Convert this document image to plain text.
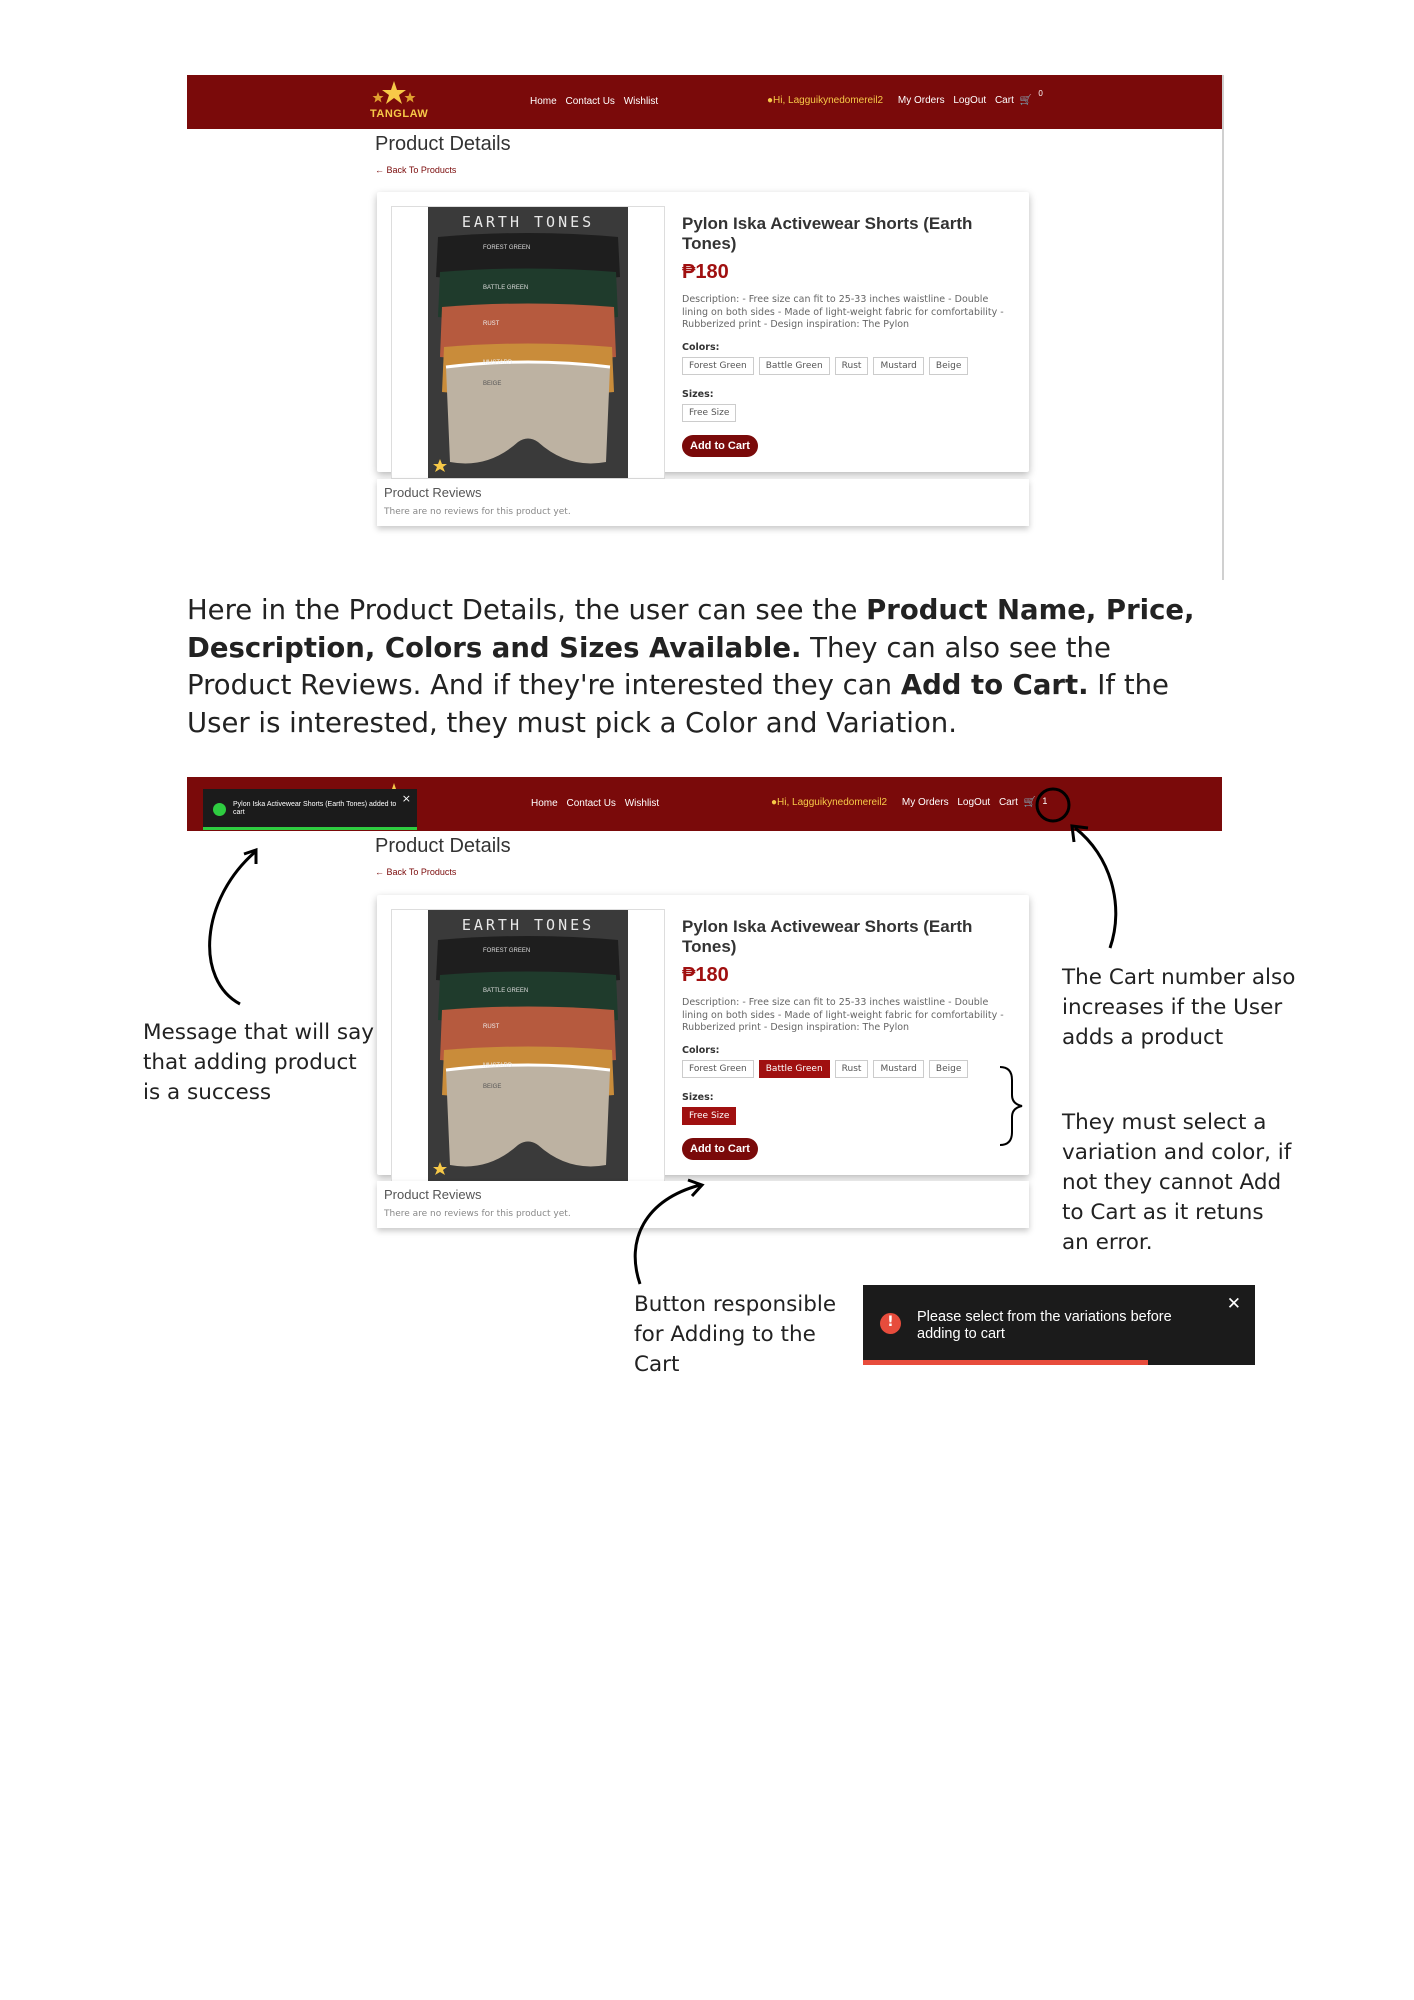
TANGLAW
Home Contact Us Wishlist	●Hi, Lagguikynedomereil2 My Orders LogOut Cart 🛒$^0$
Product Details
← Back To Products
EARTH TONES
FOREST GREEN
BATTLE GREEN
RUST
MUSTARD
BEIGE
Pylon Iska Activewear Shorts (Earth Tones)
₱180
Description: - Free size can fit to 25-33 inches waistline - Double lining on both sides - Made of light-weight fabric for comfortability - Rubberized print - Design inspiration: The Pylon
Colors:
Forest Green	Battle Green	Rust	Mustard	Beige
Sizes:
Free Size
Add to Cart
Product Reviews
There are no reviews for this product yet.
Here in the Product Details, the user can see the Product Name, Price, Description, Colors and Sizes Available. They can also see the Product Reviews. And if they're interested they can Add to Cart. If the User is interested, they must pick a Color and Variation.
Pylon Iska Activewear Shorts (Earth Tones) added to cart
×	Home Contact Us Wishlist	●Hi, Lagguikynedomereil2 My Orders LogOut Cart 🛒 1
Product Details
← Back To Products
EARTH TONES
FOREST GREEN
BATTLE GREEN
RUST
MUSTARD
BEIGE
Pylon Iska Activewear Shorts (Earth Tones)
₱180
Description: - Free size can fit to 25-33 inches waistline - Double lining on both sides - Made of light-weight fabric for comfortability - Rubberized print - Design inspiration: The Pylon
Colors:
Forest Green	Battle Green	Rust	Mustard	Beige
Sizes:
Free Size
Add to Cart
Product Reviews
There are no reviews for this product yet.
Message that will say that adding product is a success
The Cart number also increases if the User adds a product
They must select a variation and color, if not they cannot Add to Cart as it retuns an error.
Button responsible for Adding to the Cart
!	Please select from the variations before adding to cart
✕
